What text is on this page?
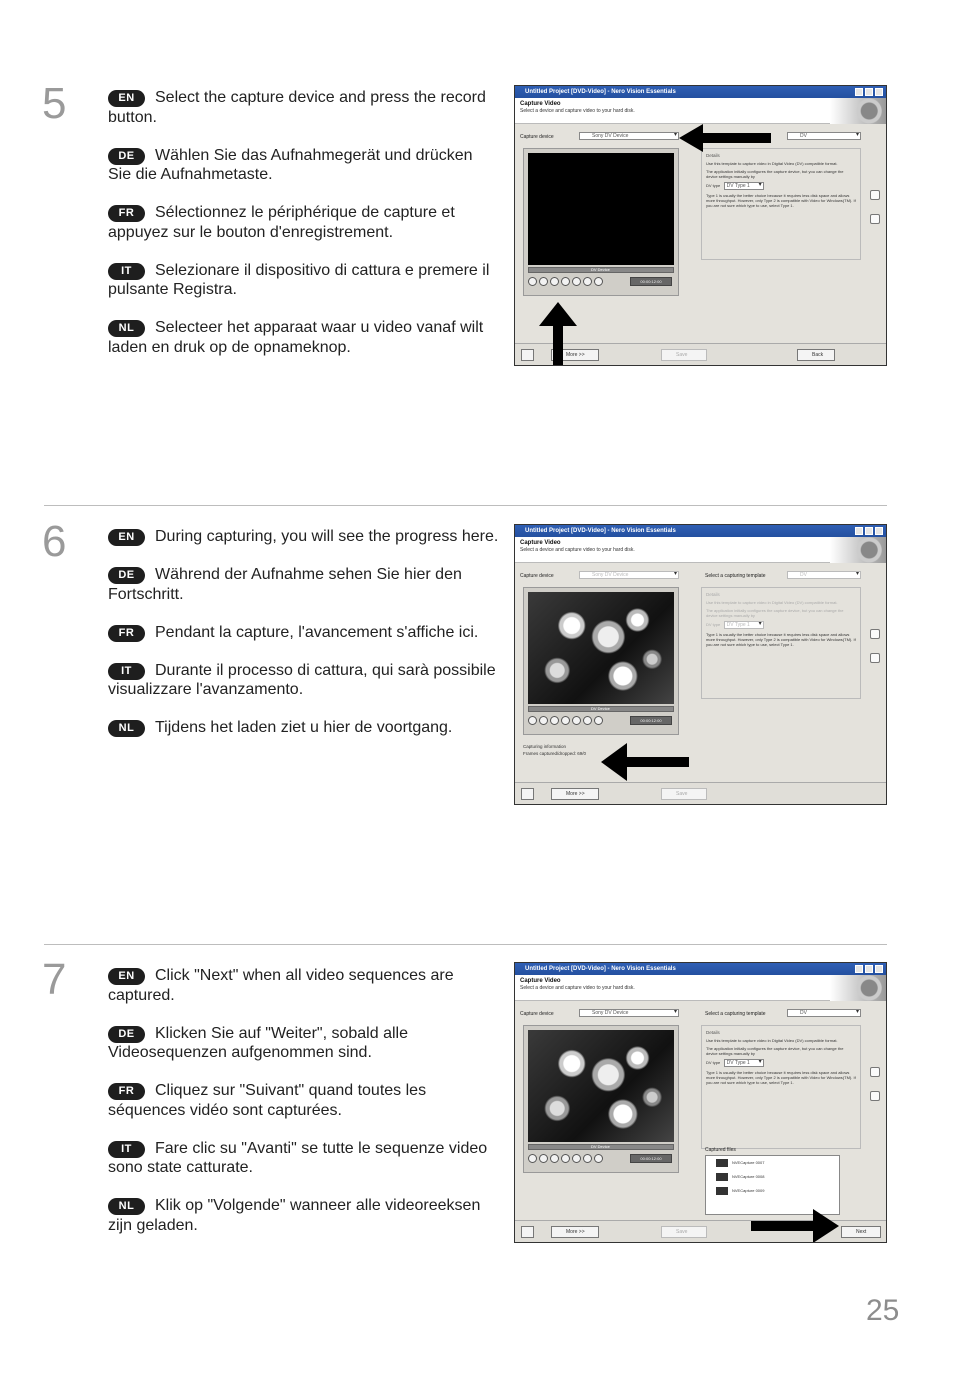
5	EN Select the capture device and press the record button.

DE Wählen Sie das Aufnahmegerät und drücken Sie die Aufnahmetaste.

FR Sélectionnez le périphérique de capture et appuyez sur le bouton d'enregistrement.

IT Selezionare il dispositivo di cattura e premere il pulsante Registra.

NL Selecteer het apparaat waar u video vanaf wilt laden en druk op de opnameknop.

Untitled Project [DVD-Video] - Nero Vision Essentials
Capture Video
Select a device and capture video to your hard disk.
Capture device	Sony DV Device ▾	DV ▾
DV Device
00:00:12:00
Details
Use this template to capture video in Digital Video (DV) compatible format.
The application initially configures the capture device, but you can change the device settings manually by
DV type DV Type 1 ▾
Type 1 is usually the better choice because it requires less disk space and allows more throughput. However, only Type 2 is compatible with Video for Windows(TM). If you are not sure which type to use, select Type 1.
More >>	Save	Back
6	EN During capturing, you will see the progress here.

DE Während der Aufnahme sehen Sie hier den Fortschritt.

FR Pendant la capture, l'avancement s'affiche ici.

IT Durante il processo di cattura, qui sarà possibile visualizzare l'avanzamento.

NL Tijdens het laden ziet u hier de voortgang.

Untitled Project [DVD-Video] - Nero Vision Essentials
Capture Video
Select a device and capture video to your hard disk.
Capture device	Sony DV Device ▾	Select a capturing template	DV ▾
DV Device
00:00:12:00
Details
Use this template to capture video in Digital Video (DV) compatible format.
The application initially configures the capture device, but you can change the device settings manually by
DV type DV Type 1 ▾
Type 1 is usually the better choice because it requires less disk space and allows more throughput. However, only Type 2 is compatible with Video for Windows(TM). If you are not sure which type to use, select Type 1.
Capturing information
Frames captured/dropped: 69/0
More >>	Save
7	EN Click "Next" when all video sequences are captured.

DE Klicken Sie auf "Weiter", sobald alle Videosequenzen aufgenommen sind.

FR Cliquez sur "Suivant" quand toutes les séquences vidéo sont capturées.

IT Fare clic su "Avanti" se tutte le sequenze video sono state catturate.

NL Klik op "Volgende" wanneer alle videoreeksen zijn geladen.

Untitled Project [DVD-Video] - Nero Vision Essentials
Capture Video
Select a device and capture video to your hard disk.
Capture device	Sony DV Device ▾	Select a capturing template	DV ▾
DV Device
00:00:12:00
Details
Use this template to capture video in Digital Video (DV) compatible format.
The application initially configures the capture device, but you can change the device settings manually by
DV type DV Type 1 ▾
Type 1 is usually the better choice because it requires less disk space and allows more throughput. However, only Type 2 is compatible with Video for Windows(TM). If you are not sure which type to use, select Type 1.
Captured files
NVECapture 0007
NVECapture 0008
NVECapture 0009
More >>	Save	Next
25
